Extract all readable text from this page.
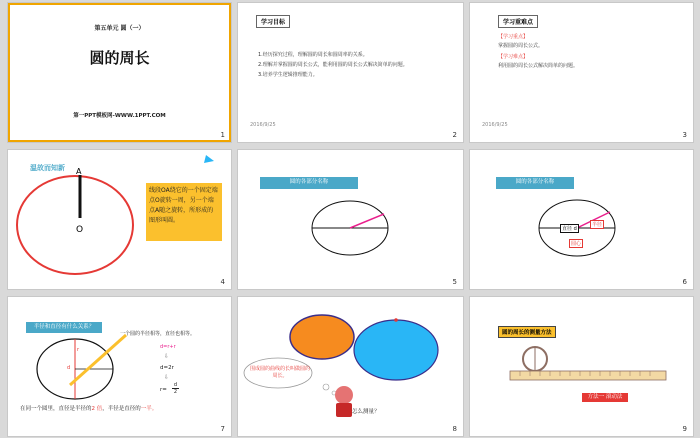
第五单元 圆（一）
圆的周长
第一PPT模板网-WWW.1PPT.COM
1
学习目标
1.经历探究过程，理解圆的周长和圆周率的关系。
2.理解并掌握圆的周长公式，能利用圆的周长公式解决简单的问题。
3.培养学生逻辑推理能力。
2016/9/25
2
学习重难点
【学习重点】
掌握圆的周长公式。
【学习难点】
利用圆的周长公式解决简单的问题。
2016/9/25
3
温故而知新 A
O
线段OA绕它的一个固定端点O旋转一周，另一个端点A随之旋转，所形成的图形叫圆。
4
圆的各部分名称
5
圆的各部分名称
半径
直径 d
圆心
6
半径和直径有什么关系？
r
d
一个圆的半径相等，直径也相等。
d=r+r
⇩
d=2r
⇩
$r= \frac{d}{2}$
在同一个圆里，直径是半径的2 倍，半径是直径的一半。
7
围成圆的曲线的长叫做圆的周长。
怎么测量？
8
圆的周长的测量方法
方法一 滚动法
9
